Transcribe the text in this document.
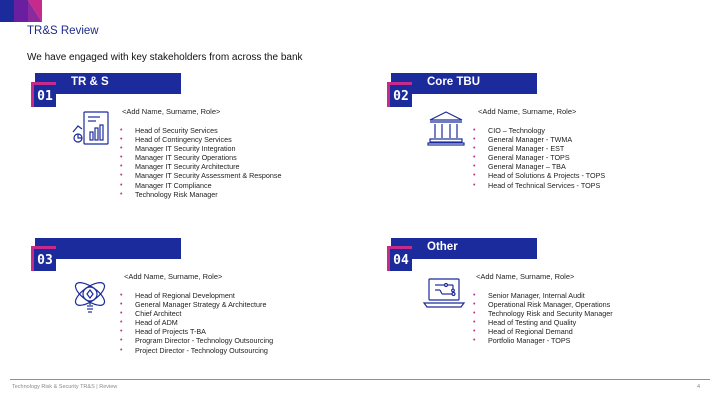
TR&S Review
We have engaged with key stakeholders from across the bank
TR & S
01
<Add Name, Surname, Role>
• Head of Security Services
• Head of Contingency Services
• Manager IT Security Integration
• Manager IT Security Operations
• Manager IT Security Architecture
• Manager IT Security Assessment & Response
• Manager IT Compliance
• Technology Risk Manager
Core TBU
02
<Add Name, Surname, Role>
• CIO – Technology
• General Manager - TWMA
• General Manager - EST
• General Manager - TOPS
• General Manager – TBA
• Head of Solutions & Projects - TOPS
• Head of Technical Services - TOPS
03
<Add Name, Surname, Role>
• Head of Regional Development
• General Manager Strategy & Architecture
• Chief Architect
• Head of ADM
• Head of Projects T-BA
• Program Director - Technology Outsourcing
• Project Director - Technology Outsourcing
Other
04
<Add Name, Surname, Role>
• Senior Manager, Internal Audit
• Operational Risk Manager, Operations
• Technology Risk and Security Manager
• Head of Testing and Quality
• Head of Regional Demand
• Portfolio Manager - TOPS
Technology Risk & Security TR&S | Review	4
